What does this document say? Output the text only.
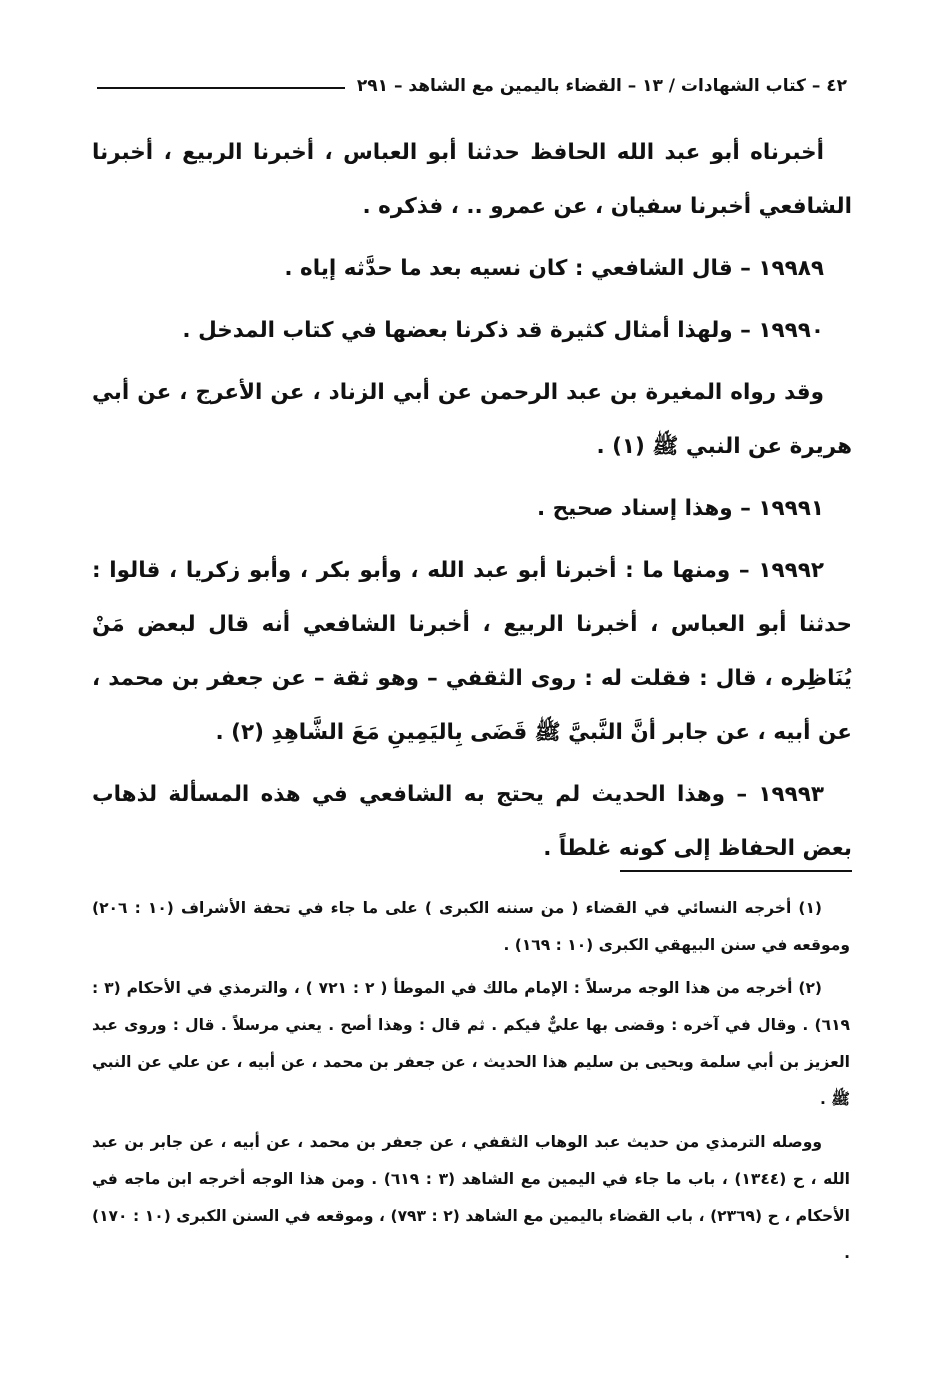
٤٢ – كتاب الشهادات / ١٣ – القضاء باليمين مع الشاهد – ٢٩١

أخبرناه أبو عبد الله الحافظ حدثنا أبو العباس ، أخبرنا الربيع ، أخبرنا الشافعي أخبرنا سفيان ، عن عمرو .. ، فذكره .

١٩٩٨٩ – قال الشافعي : كان نسيه بعد ما حدَّثه إياه .

١٩٩٩٠ – ولهذا أمثال كثيرة قد ذكرنا بعضها في كتاب المدخل .

وقد رواه المغيرة بن عبد الرحمن عن أبي الزناد ، عن الأعرج ، عن أبي هريرة عن النبي ﷺ (١) .

١٩٩٩١ – وهذا إسناد صحيح .

١٩٩٩٢ – ومنها ما : أخبرنا أبو عبد الله ، وأبو بكر ، وأبو زكريا ، قالوا : حدثنا أبو العباس ، أخبرنا الربيع ، أخبرنا الشافعي أنه قال لبعض مَنْ يُنَاظِره ، قال : فقلت له : روى الثقفي – وهو ثقة – عن جعفر بن محمد ، عن أبيه ، عن جابر أنَّ النَّبيَّ ﷺ قَضَى بِاليَمِينِ مَعَ الشَّاهِدِ (٢) .

١٩٩٩٣ – وهذا الحديث لم يحتج به الشافعي في هذه المسألة لذهاب بعض الحفاظ إلى كونه غلطاً .

(١) أخرجه النسائي في القضاء ( من سننه الكبرى ) على ما جاء في تحفة الأشراف (١٠ : ٢٠٦) وموقعه في سنن البيهقي الكبرى (١٠ : ١٦٩) .

(٢) أخرجه من هذا الوجه مرسلاً : الإمام مالك في الموطأ ( ٢ : ٧٢١ ) ، والترمذي في الأحكام (٣ : ٦١٩) . وقال في آخره : وقضى بها عليٌّ فيكم . ثم قال : وهذا أصح . يعني مرسلاً . قال : وروى عبد العزيز بن أبي سلمة ويحيى بن سليم هذا الحديث ، عن جعفر بن محمد ، عن أبيه ، عن علي عن النبي ﷺ .

ووصله الترمذي من حديث عبد الوهاب الثقفي ، عن جعفر بن محمد ، عن أبيه ، عن جابر بن عبد الله ، ح (١٣٤٤) ، باب ما جاء في اليمين مع الشاهد (٣ : ٦١٩) . ومن هذا الوجه أخرجه ابن ماجه في الأحكام ، ح (٢٣٦٩) ، باب القضاء باليمين مع الشاهد (٢ : ٧٩٣) ، وموقعه في السنن الكبرى (١٠ : ١٧٠) .
